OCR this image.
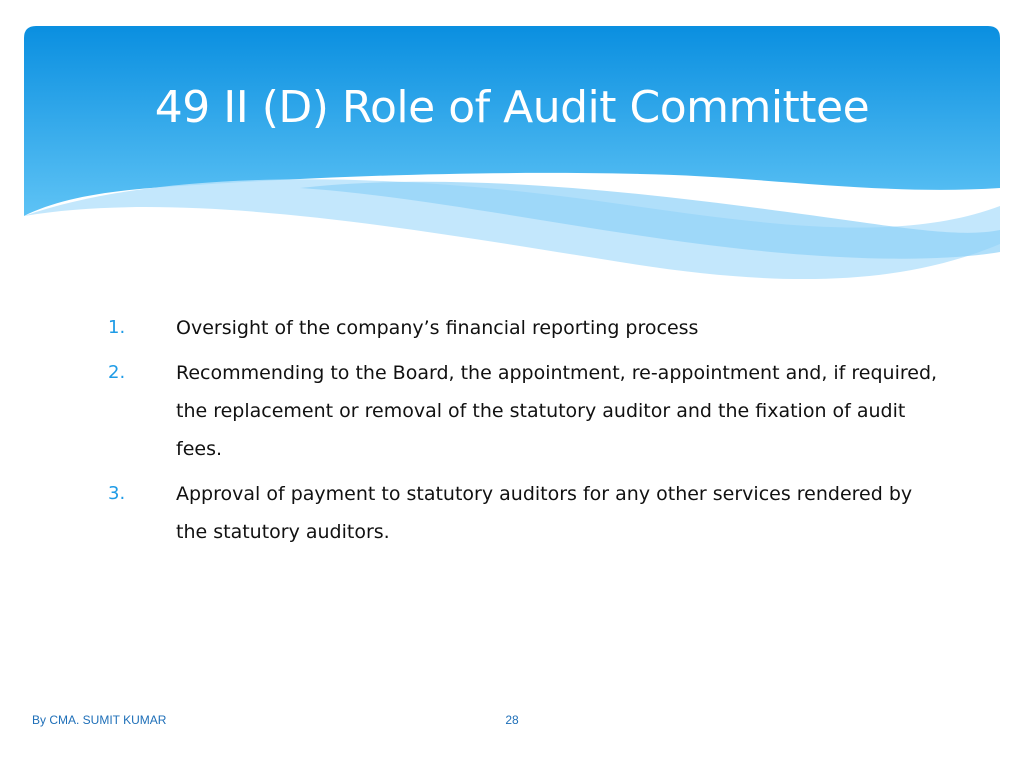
49 II (D) Role of Audit Committee
1.	Oversight of the company’s financial reporting process
2.	Recommending to the Board, the appointment, re-appointment and, if required, the replacement or removal of the statutory auditor and the fixation of audit fees.
3.	Approval of payment to statutory auditors for any other services rendered by the statutory auditors.
By CMA. SUMIT KUMAR	28
